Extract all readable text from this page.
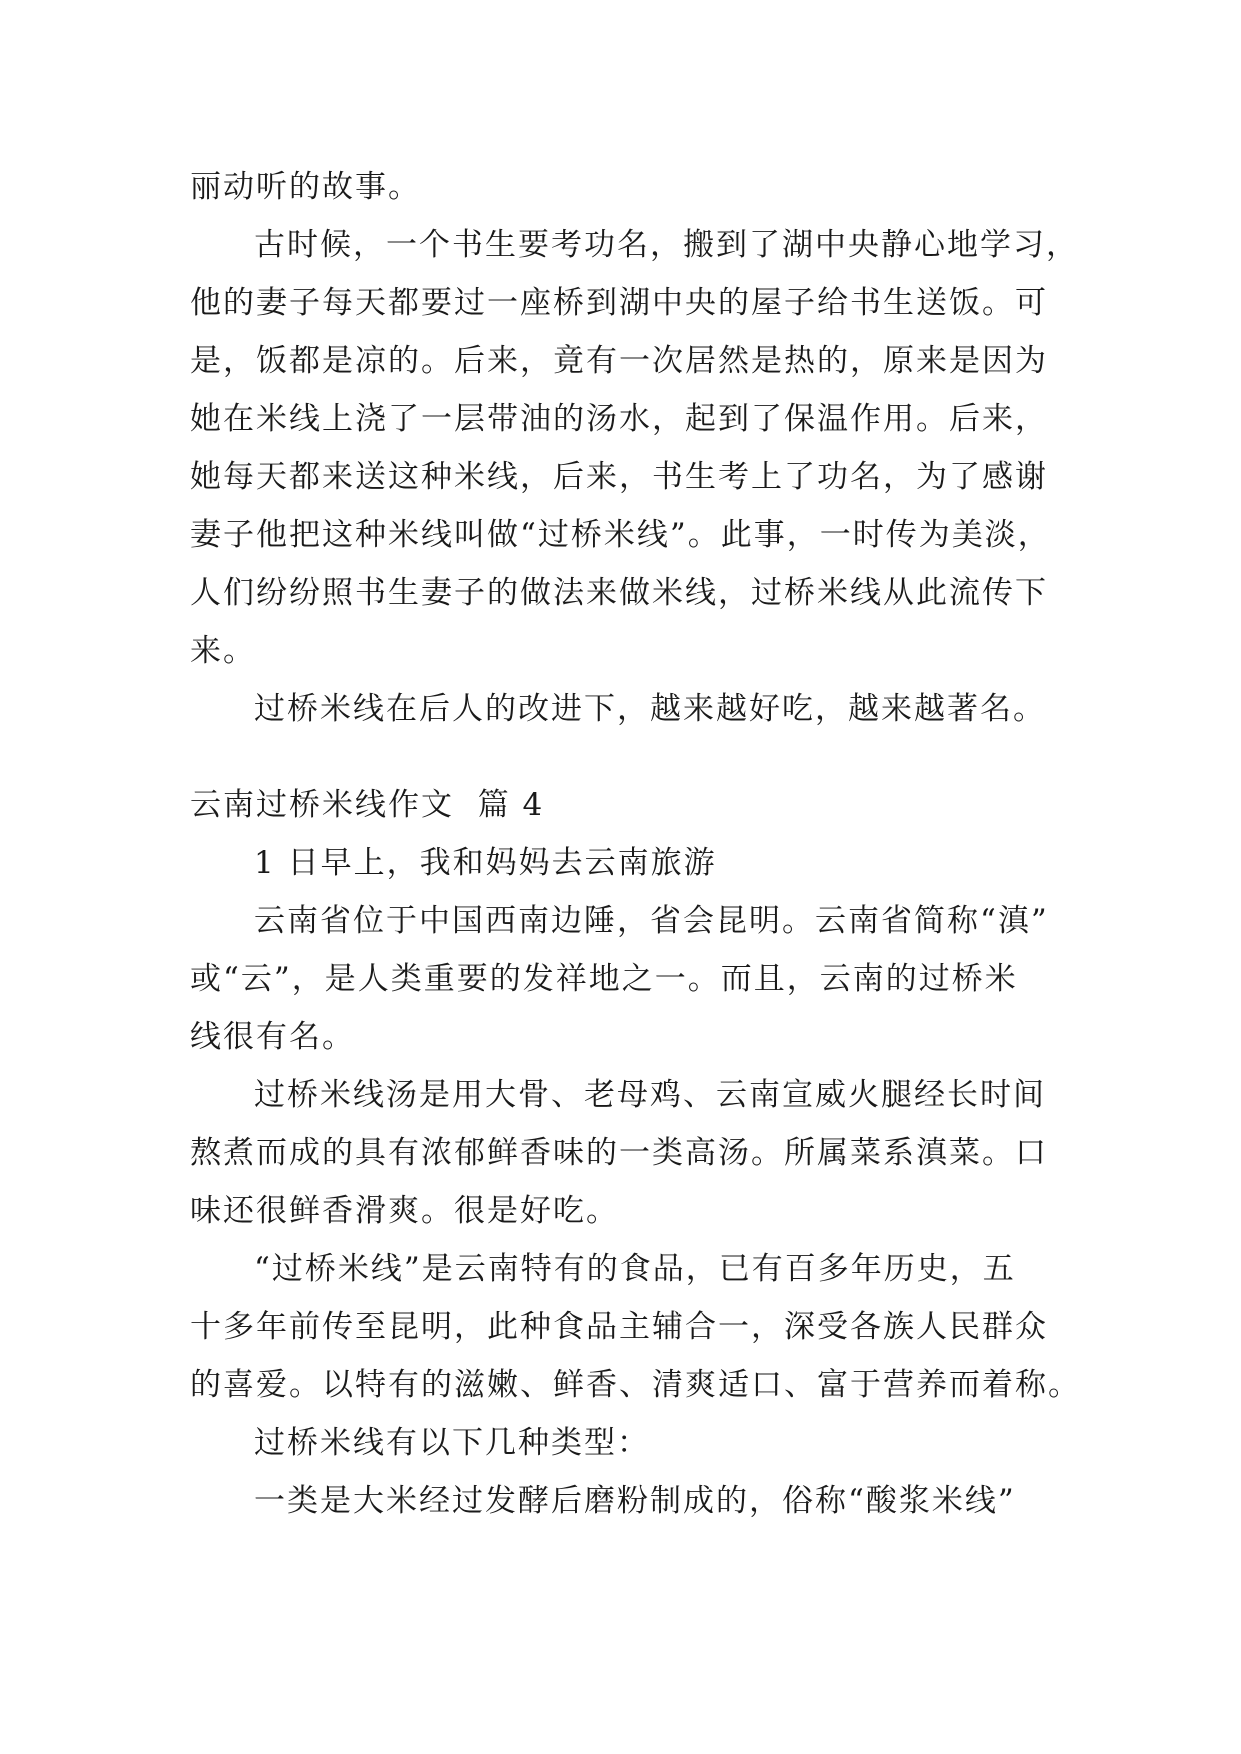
丽动听的故事。

古时候，一个书生要考功名，搬到了湖中央静心地学习，
他的妻子每天都要过一座桥到湖中央的屋子给书生送饭。可
是，饭都是凉的。后来，竟有一次居然是热的，原来是因为
她在米线上浇了一层带油的汤水，起到了保温作用。后来，
她每天都来送这种米线，后来，书生考上了功名，为了感谢
妻子他把这种米线叫做“过桥米线”。此事，一时传为美淡，
人们纷纷照书生妻子的做法来做米线，过桥米线从此流传下
来。

过桥米线在后人的改进下，越来越好吃，越来越著名。

云南过桥米线作文  篇 4

1 日早上，我和妈妈去云南旅游

云南省位于中国西南边陲，省会昆明。云南省简称“滇”
或“云”，是人类重要的发祥地之一。而且，云南的过桥米
线很有名。

过桥米线汤是用大骨、老母鸡、云南宣威火腿经长时间
熬煮而成的具有浓郁鲜香味的一类高汤。所属菜系滇菜。口
味还很鲜香滑爽。很是好吃。

“过桥米线”是云南特有的食品，已有百多年历史，五
十多年前传至昆明，此种食品主辅合一，深受各族人民群众
的喜爱。以特有的滋嫩、鲜香、清爽适口、富于营养而着称。

过桥米线有以下几种类型：

一类是大米经过发酵后磨粉制成的，俗称“酸浆米线”
